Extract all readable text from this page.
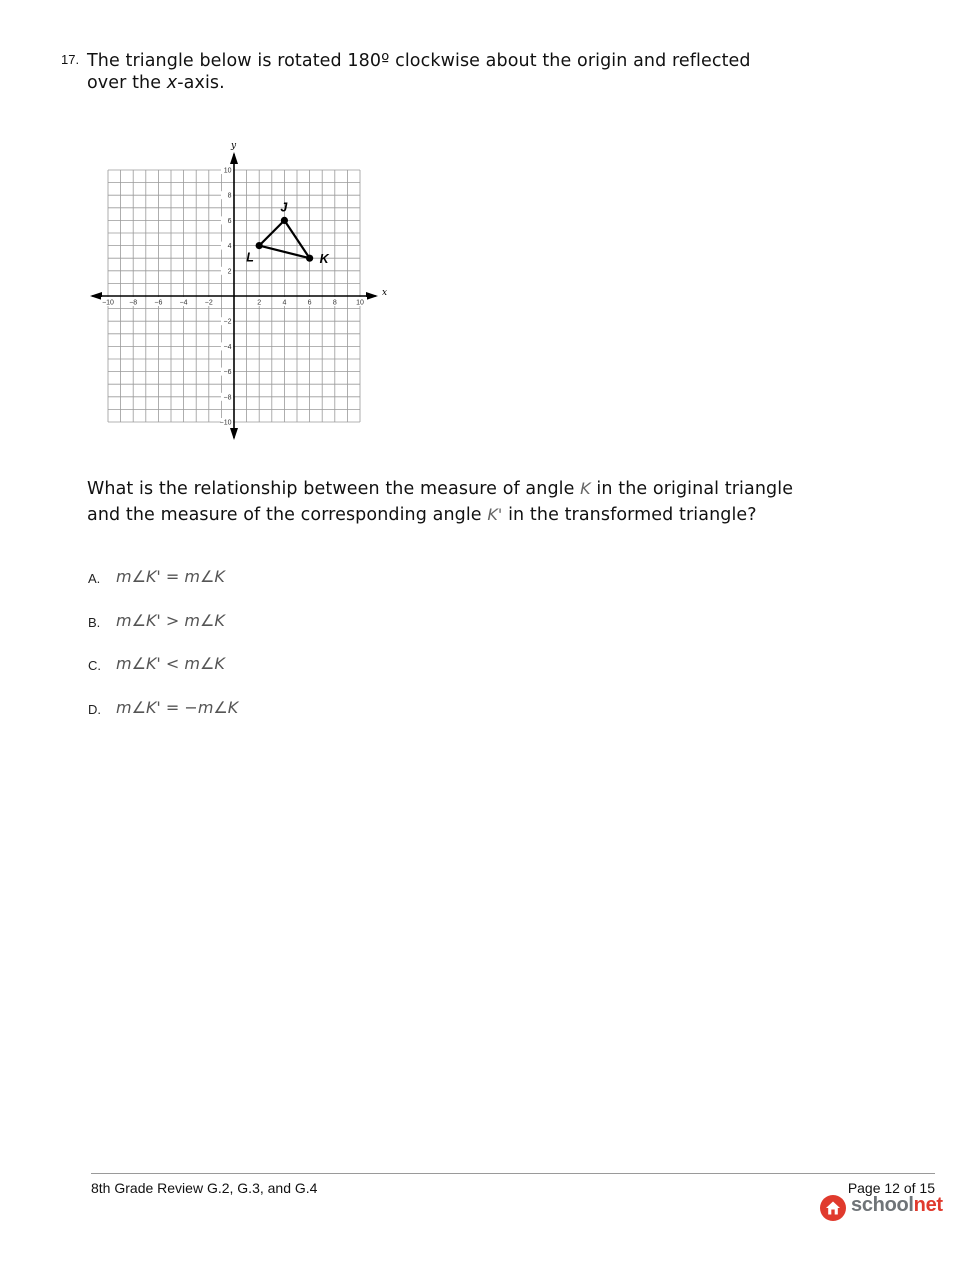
17. The triangle below is rotated 180º clockwise about the origin and reflected over the x-axis.
x
y
−10 −8 −6 −4 −2	2	4	6	8	10
10
8
6
4
2
−2
−4
−6
−8
−10
J
K
L
What is the relationship between the measure of angle K in the original triangle and the measure of the corresponding angle K' in the transformed triangle?
A. m∠K' = m∠K
B. m∠K' > m∠K
C. m∠K' < m∠K
D. m∠K' = −m∠K
8th Grade Review G.2, G.3, and G.4	Page 12 of 15
schoolnet
